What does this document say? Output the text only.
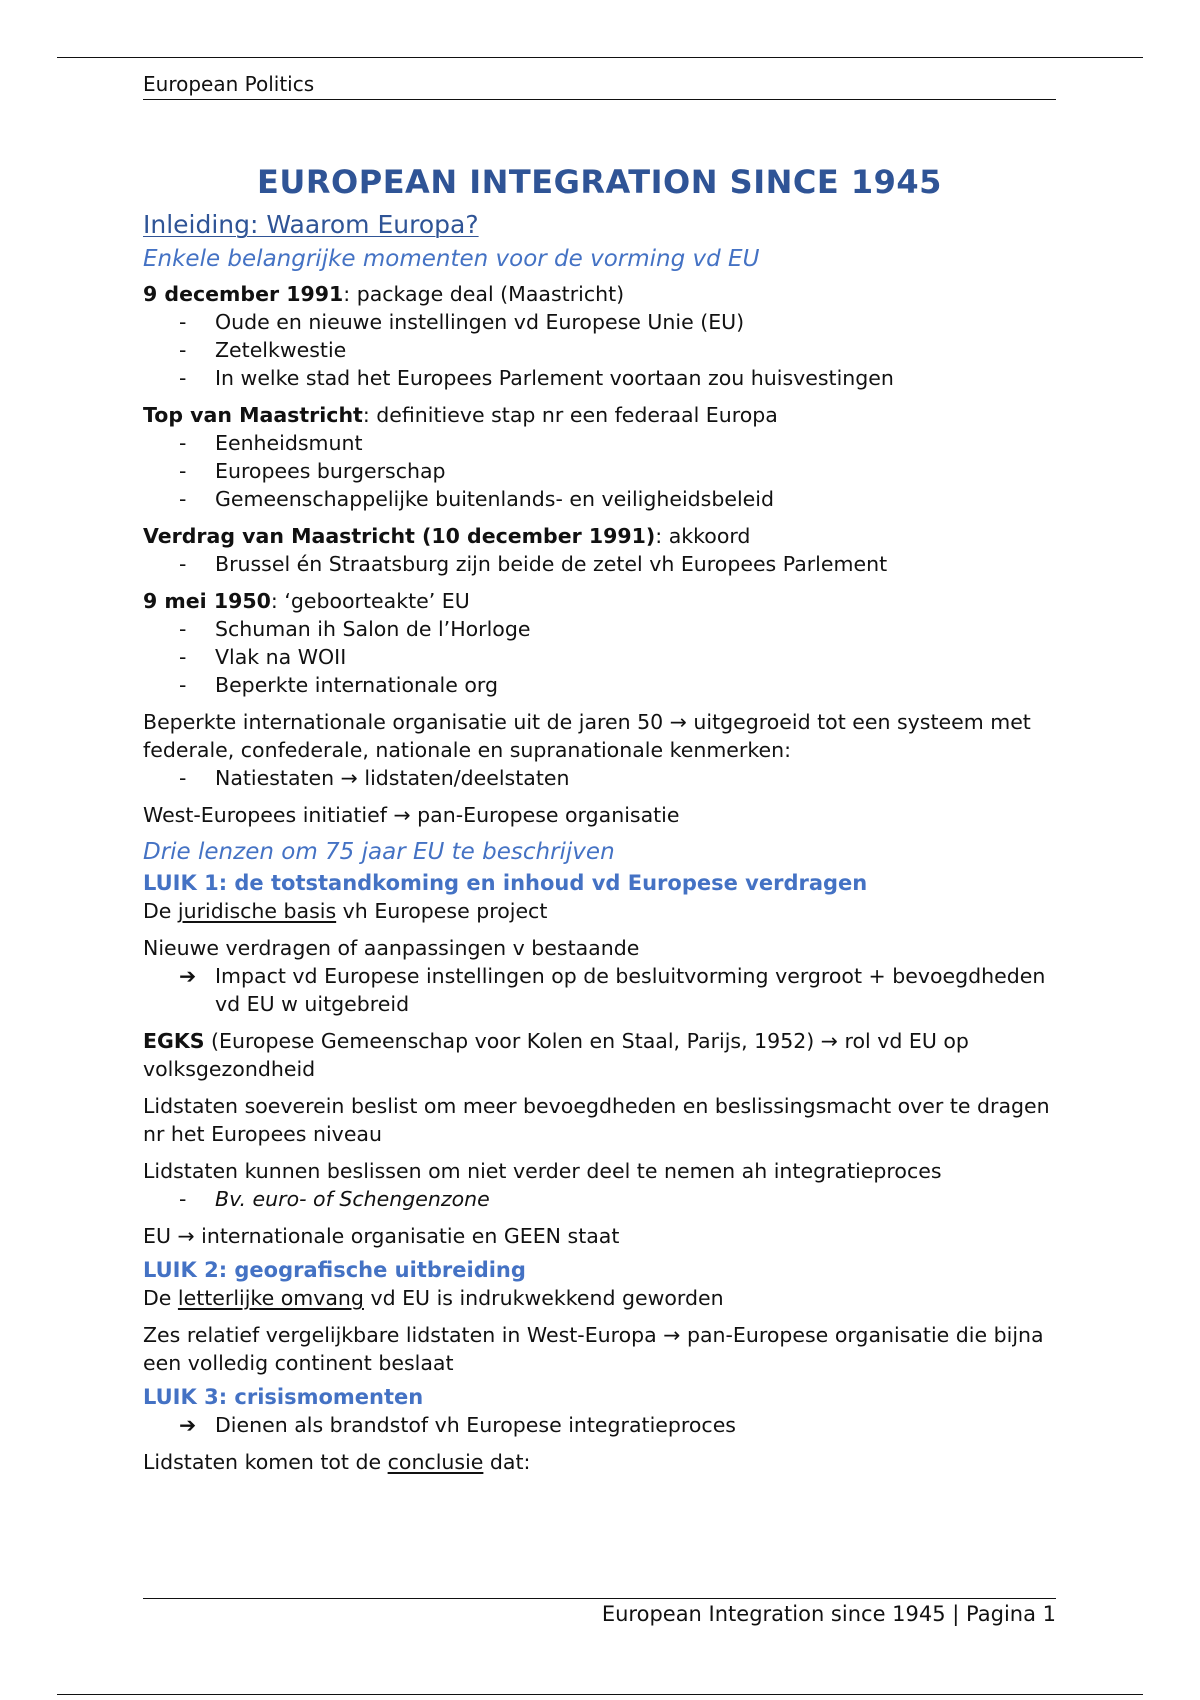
European Politics
EUROPEAN INTEGRATION SINCE 1945
Inleiding: Waarom Europa?
Enkele belangrijke momenten voor de vorming vd EU

9 december 1991: package deal (Maastricht)

- Oude en nieuwe instellingen vd Europese Unie (EU)
- Zetelkwestie
- In welke stad het Europees Parlement voortaan zou huisvestingen

Top van Maastricht: definitieve stap nr een federaal Europa

- Eenheidsmunt
- Europees burgerschap
- Gemeenschappelijke buitenlands- en veiligheidsbeleid

Verdrag van Maastricht (10 december 1991): akkoord

- Brussel én Straatsburg zijn beide de zetel vh Europees Parlement

9 mei 1950: ‘geboorteakte’ EU

- Schuman ih Salon de l’Horloge
- Vlak na WOII
- Beperkte internationale org

Beperkte internationale organisatie uit de jaren 50 → uitgegroeid tot een systeem met federale, confederale, nationale en supranationale kenmerken:

- Natiestaten → lidstaten/deelstaten

West-Europees initiatief → pan-Europese organisatie

Drie lenzen om 75 jaar EU te beschrijven
LUIK 1: de totstandkoming en inhoud vd Europese verdragen

De juridische basis vh Europese project

Nieuwe verdragen of aanpassingen v bestaande

➔ Impact vd Europese instellingen op de besluitvorming vergroot + bevoegdheden vd EU w uitgebreid

EGKS (Europese Gemeenschap voor Kolen en Staal, Parijs, 1952) → rol vd EU op volksgezondheid

Lidstaten soeverein beslist om meer bevoegdheden en beslissingsmacht over te dragen nr het Europees niveau

Lidstaten kunnen beslissen om niet verder deel te nemen ah integratieproces

- Bv. euro- of Schengenzone

EU → internationale organisatie en GEEN staat

LUIK 2: geografische uitbreiding

De letterlijke omvang vd EU is indrukwekkend geworden

Zes relatief vergelijkbare lidstaten in West-Europa → pan-Europese organisatie die bijna een volledig continent beslaat

LUIK 3: crisismomenten
➔ Dienen als brandstof vh Europese integratieproces

Lidstaten komen tot de conclusie dat:

European Integration since 1945 | Pagina 1
